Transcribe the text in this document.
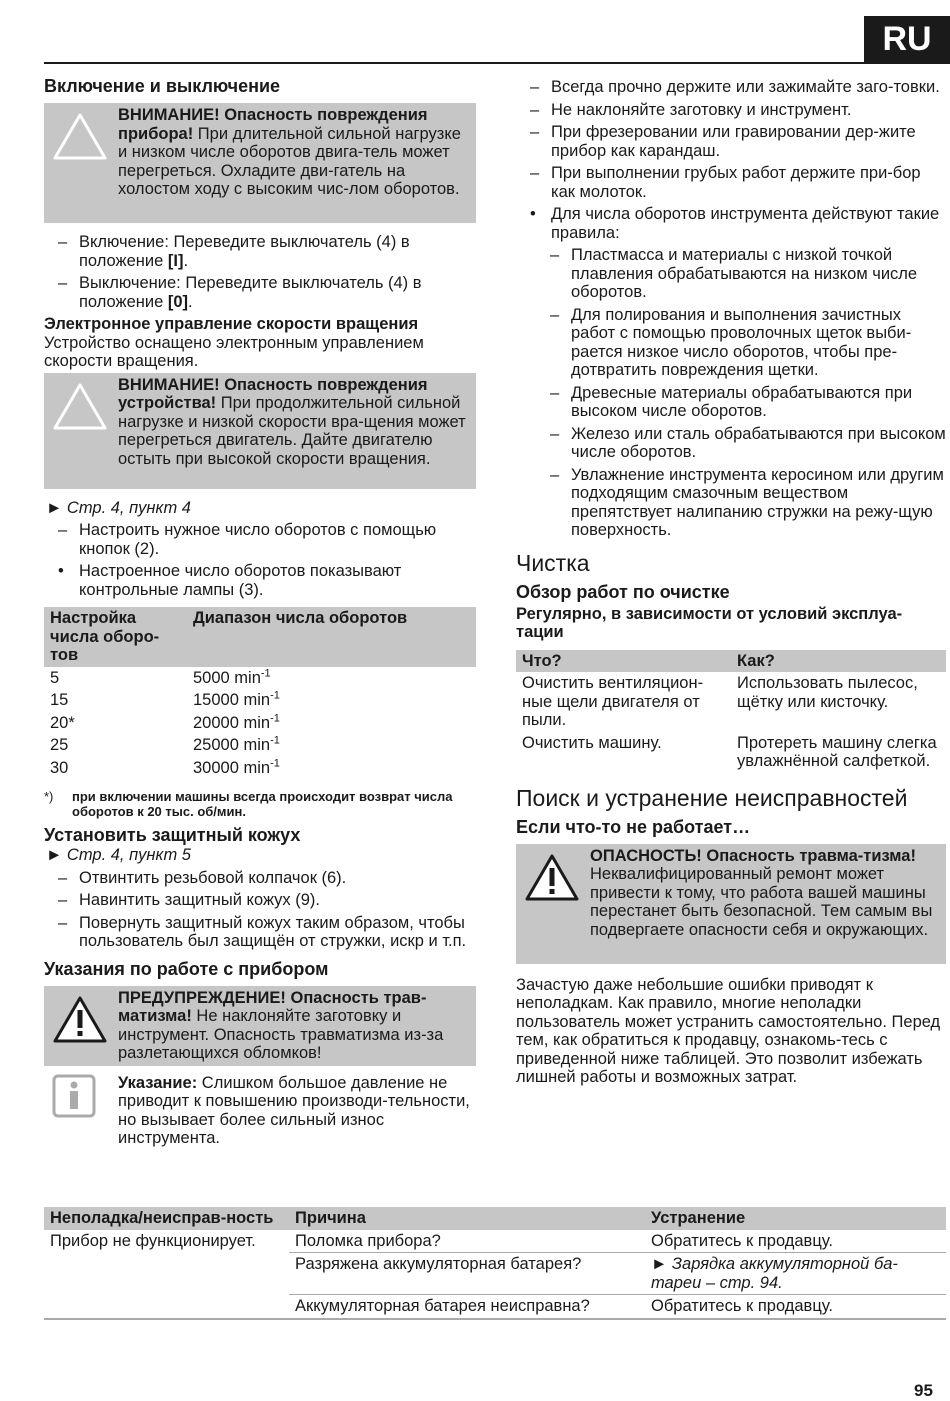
RU
Включение и выключение

ВНИМАНИЕ! Опасность повреждения прибора! При длительной сильной нагрузке и низком числе оборотов двига-тель может перегреться. Охладите дви-гатель на холостом ходу с высоким чис-лом оборотов.

– Включение: Переведите выключатель (4) в положение [I].
– Выключение: Переведите выключатель (4) в положение [0].
Электронное управление скорости вращения

Устройство оснащено электронным управлением скорости вращения.

ВНИМАНИЕ! Опасность повреждения устройства! При продолжительной сильной нагрузке и низкой скорости вра-щения может перегреться двигатель. Дайте двигателю остыть при высокой скорости вращения.

► Стр. 4, пункт 4

– Настроить нужное число оборотов с помощью кнопок (2).
• Настроенное число оборотов показывают контрольные лампы (3).
Настройка числа оборо-тов	Диапазон числа оборотов
5	5000 $\min^{-1}$
15	15000 $\min^{-1}$
20*	20000 $\min^{-1}$
25	25000 $\min^{-1}$
30	30000 $\min^{-1}$
*) при включении машины всегда происходит возврат числа оборотов к 20 тыс. об/мин.
Установить защитный кожух

► Стр. 4, пункт 5

– Отвинтить резьбовой колпачок (6).
– Навинтить защитный кожух (9).
– Повернуть защитный кожух таким образом, чтобы пользователь был защищён от стружки, искр и т.п.
Указания по работе с прибором

ПРЕДУПРЕЖДЕНИЕ! Опасность трав-матизма! Не наклоняйте заготовку и инструмент. Опасность травматизма из-за разлетающихся обломков!

Указание: Слишком большое давление не приводит к повышению производи-тельности, но вызывает более сильный износ инструмента.

– Всегда прочно держите или зажимайте заго-товки.
– Не наклоняйте заготовку и инструмент.
– При фрезеровании или гравировании дер-жите прибор как карандаш.
– При выполнении грубых работ держите при-бор как молоток.
• Для числа оборотов инструмента действуют такие правила:
– Пластмасса и материалы с низкой точкой плавления обрабатываются на низком числе оборотов.
– Для полирования и выполнения зачистных работ с помощью проволочных щеток выби-рается низкое число оборотов, чтобы пре-дотвратить повреждения щетки.
– Древесные материалы обрабатываются при высоком числе оборотов.
– Железо или сталь обрабатываются при высоком числе оборотов.
– Увлажнение инструмента керосином или другим подходящим смазочным веществом препятствует налипанию стружки на режу-щую поверхность.
Чистка
Обзор работ по очистке
Регулярно, в зависимости от условий эксплуа-тации
Что?	Как?
Очистить вентиляцион-ные щели двигателя от пыли.	Использовать пылесос, щётку или кисточку.
Очистить машину.	Протереть машину слегка увлажнённой салфеткой.
Поиск и устранение неисправностей
Если что-то не работает…

ОПАСНОСТЬ! Опасность травма-тизма! Неквалифицированный ремонт может привести к тому, что работа вашей машины перестанет быть безопасной. Тем самым вы подвергаете опасности себя и окружающих.

Зачастую даже небольшие ошибки приводят к неполадкам. Как правило, многие неполадки пользователь может устранить самостоятельно. Перед тем, как обратиться к продавцу, ознакомь-тесь с приведенной ниже таблицей. Это позволит избежать лишней работы и возможных затрат.

Неполадка/неисправ-ность	Причина	Устранение
Прибор не функционирует.	Поломка прибора?	Обратитесь к продавцу.
	Разряжена аккумуляторная батарея?	► Зарядка аккумуляторной ба-тареи – стр. 94.
	Аккумуляторная батарея неисправна?	Обратитесь к продавцу.
95
